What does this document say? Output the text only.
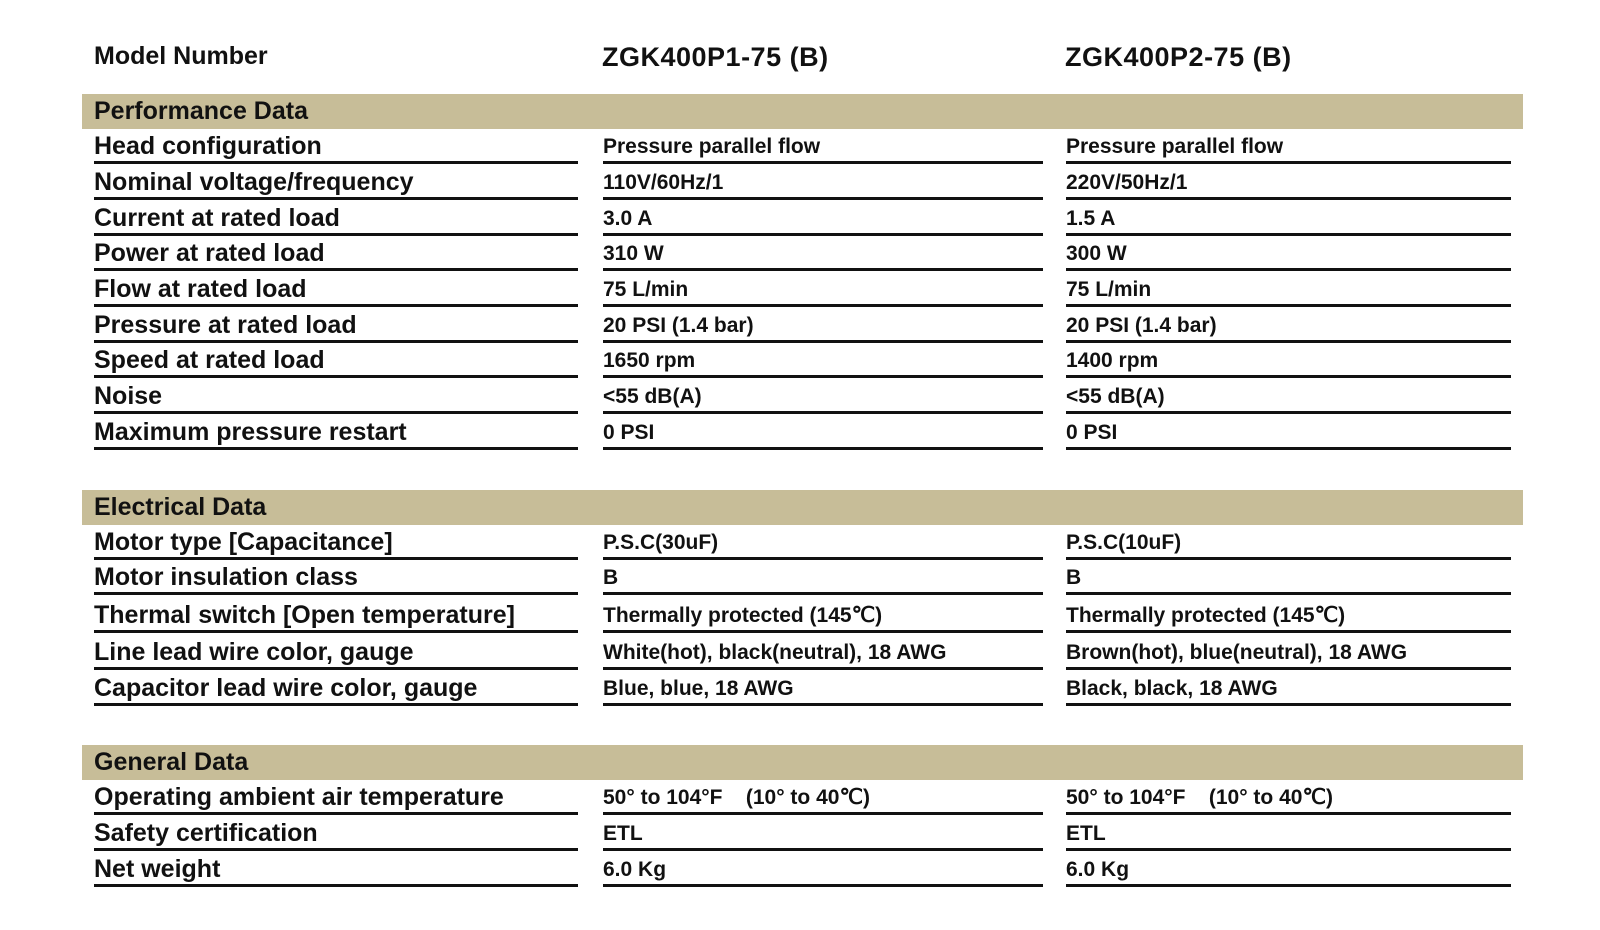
Model Number	ZGK400P1-75 (B)	ZGK400P2-75 (B)
Performance Data
Head configuration	Pressure parallel flow	Pressure parallel flow
Nominal voltage/frequency	110V/60Hz/1	220V/50Hz/1
Current at rated load	3.0 A	1.5 A
Power at rated load	310 W	300 W
Flow at rated load	75 L/min	75 L/min
Pressure at rated load	20 PSI (1.4 bar)	20 PSI (1.4 bar)
Speed at rated load	1650 rpm	1400 rpm
Noise	<55 dB(A)	<55 dB(A)
Maximum pressure restart	0 PSI	0 PSI
Electrical Data
Motor type [Capacitance]	P.S.C(30uF)	P.S.C(10uF)
Motor insulation class	B	B
Thermal switch [Open temperature]	Thermally protected (145℃)	Thermally protected (145℃)
Line lead wire color, gauge	White(hot), black(neutral), 18 AWG	Brown(hot), blue(neutral), 18 AWG
Capacitor lead wire color, gauge	Blue, blue, 18 AWG	Black, black, 18 AWG
General Data
Operating ambient air temperature	50° to 104°F    (10° to 40℃)	50° to 104°F    (10° to 40℃)
Safety certification	ETL	ETL
Net weight	6.0 Kg	6.0 Kg
